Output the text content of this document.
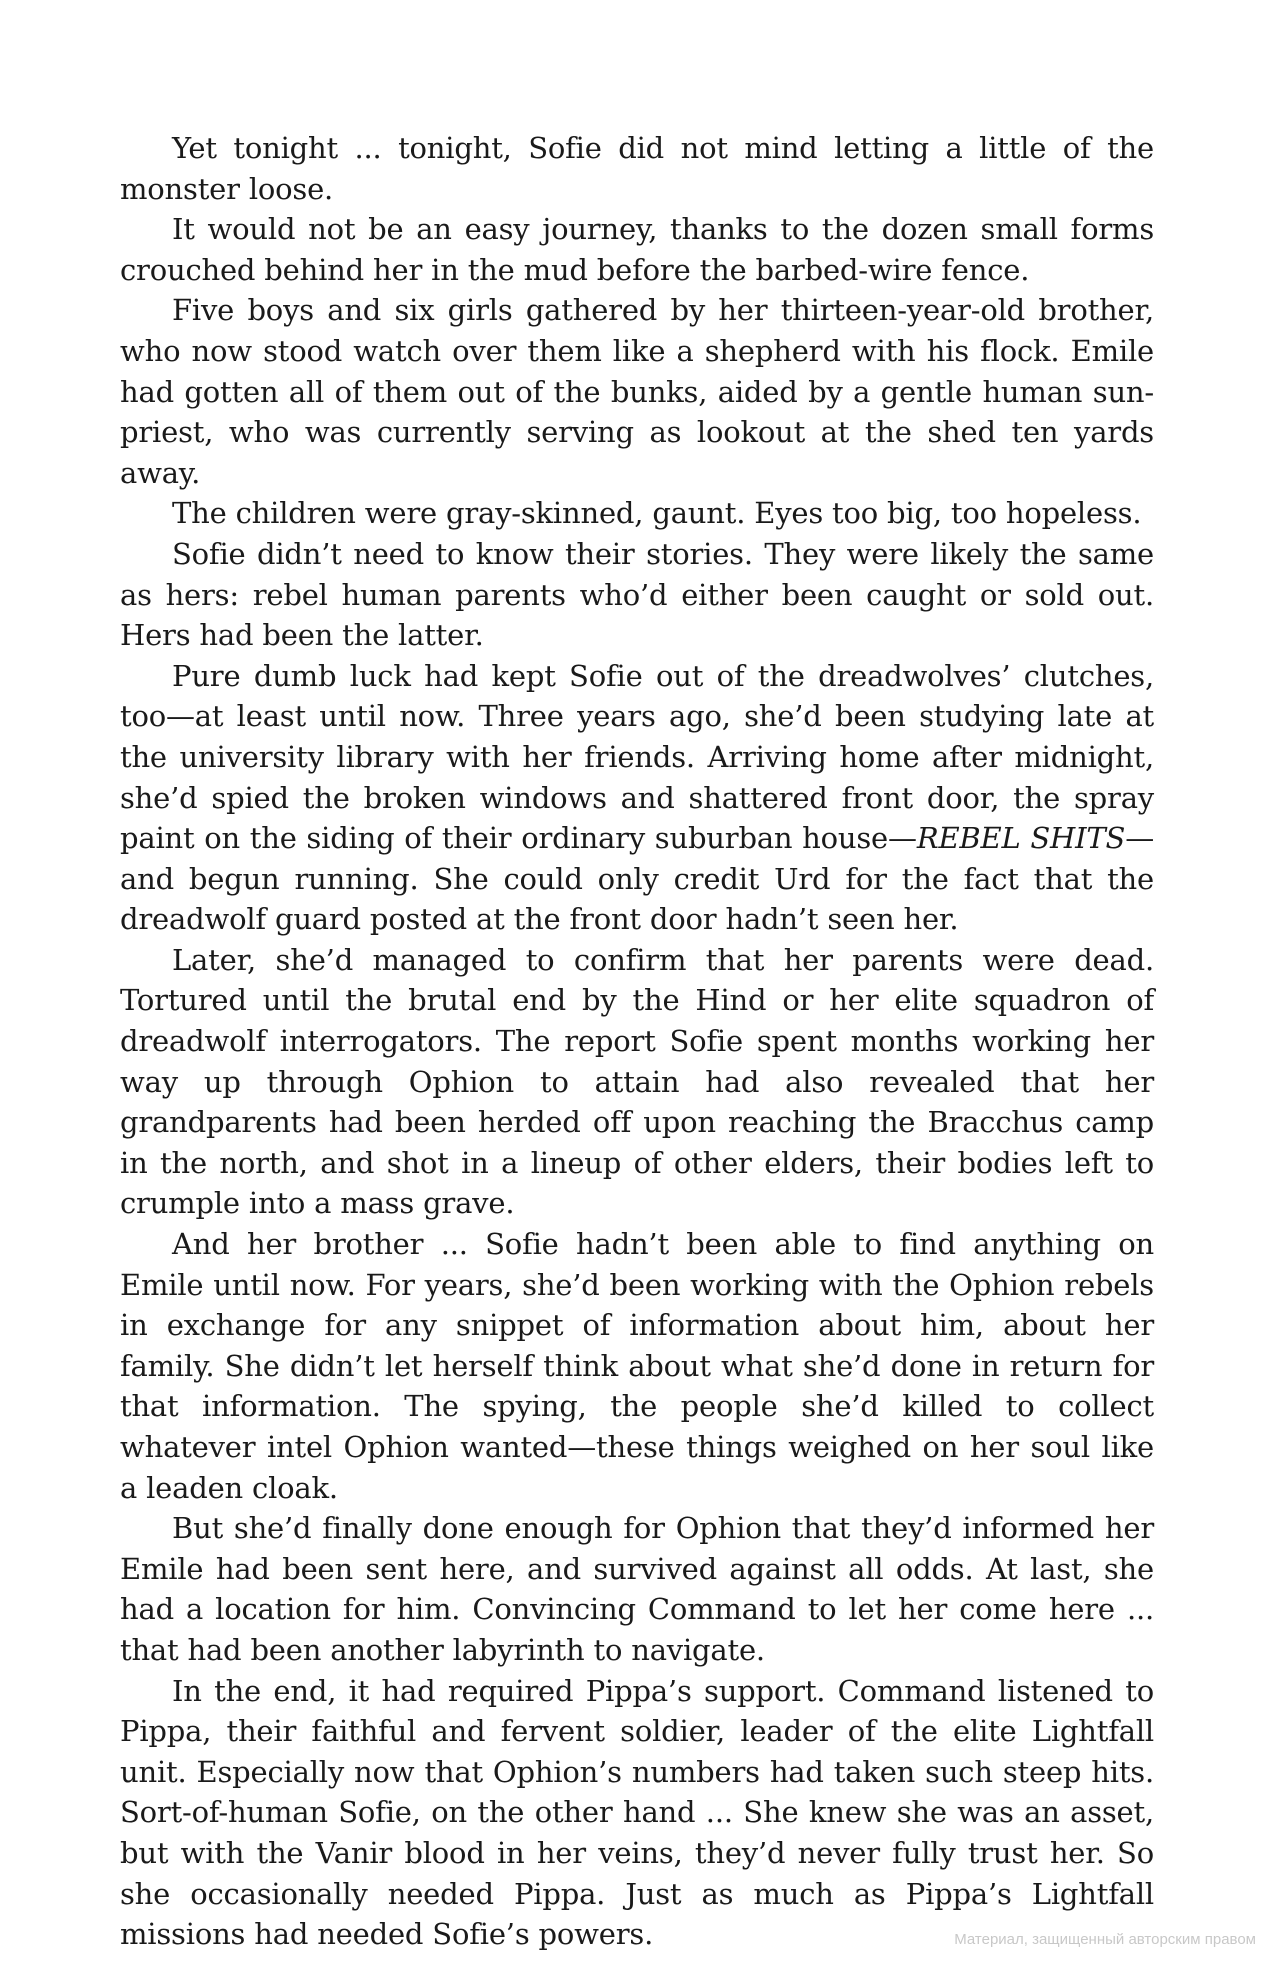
Yet tonight ... tonight, Sofie did not mind letting a little of the monster loose.

It would not be an easy journey, thanks to the dozen small forms crouched behind her in the mud before the barbed-wire fence.

Five boys and six girls gathered by her thirteen-year-old brother, who now stood watch over them like a shepherd with his flock. Emile had gotten all of them out of the bunks, aided by a gentle human sun-priest, who was currently serving as lookout at the shed ten yards away.

The children were gray-skinned, gaunt. Eyes too big, too hopeless.

Sofie didn’t need to know their stories. They were likely the same as hers: rebel human parents who’d either been caught or sold out. Hers had been the latter.

Pure dumb luck had kept Sofie out of the dreadwolves’ clutches, too—at least until now. Three years ago, she’d been studying late at the university library with her friends. Arriving home after midnight, she’d spied the broken windows and shattered front door, the spray paint on the siding of their ordinary suburban house—REBEL SHITS—and begun running. She could only credit Urd for the fact that the dreadwolf guard posted at the front door hadn’t seen her.

Later, she’d managed to confirm that her parents were dead. Tortured until the brutal end by the Hind or her elite squadron of dreadwolf interrogators. The report Sofie spent months working her way up through Ophion to attain had also revealed that her grandparents had been herded off upon reaching the Bracchus camp in the north, and shot in a lineup of other elders, their bodies left to crumple into a mass grave.

And her brother ... Sofie hadn’t been able to find anything on Emile until now. For years, she’d been working with the Ophion rebels in exchange for any snippet of information about him, about her family. She didn’t let herself think about what she’d done in return for that information. The spying, the people she’d killed to collect whatever intel Ophion wanted—these things weighed on her soul like a leaden cloak.

But she’d finally done enough for Ophion that they’d informed her Emile had been sent here, and survived against all odds. At last, she had a location for him. Convincing Command to let her come here ... that had been another labyrinth to navigate.

In the end, it had required Pippa’s support. Command listened to Pippa, their faithful and fervent soldier, leader of the elite Lightfall unit. Especially now that Ophion’s numbers had taken such steep hits. Sort-of-human Sofie, on the other hand ... She knew she was an asset, but with the Vanir blood in her veins, they’d never fully trust her. So she occasionally needed Pippa. Just as much as Pippa’s Lightfall missions had needed Sofie’s powers.	Материал, защищенный авторским правом
